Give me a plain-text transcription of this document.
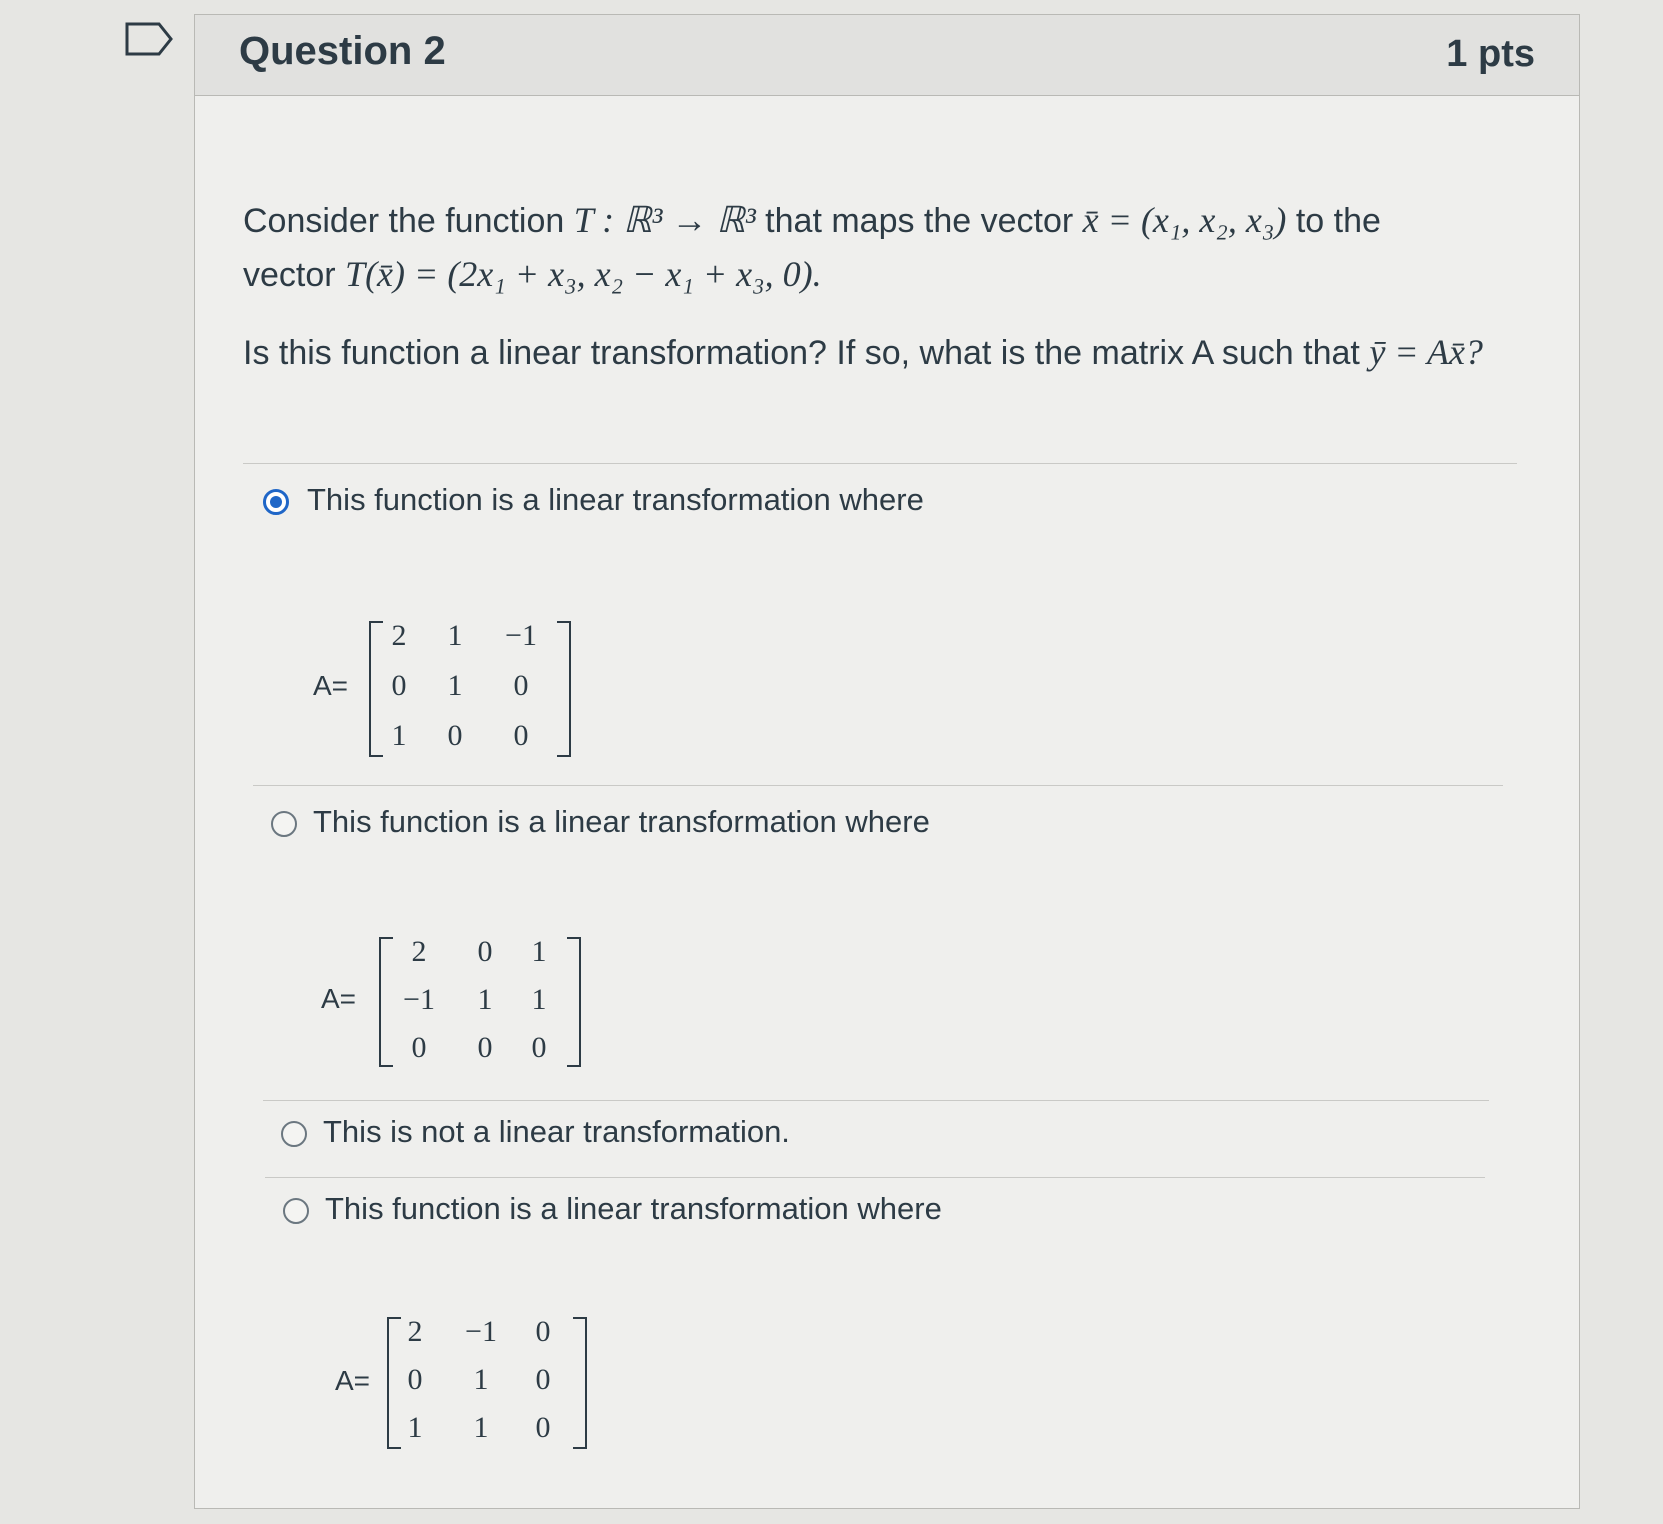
Question 2	1 pts
Consider the function T : ℝ³ → ℝ³ that maps the vector x̄ = (x₁, x₂, x₃) to the
vector T(x̄) = (2x₁ + x₃, x₂ − x₁ + x₃, 0).
Is this function a linear transformation? If so, what is the matrix A such that ȳ = Ax̄?
This function is a linear transformation where
A=
2	1	−1
0	1	0
1	0	0
This function is a linear transformation where
A=
2	0	1
−1	1	1
0	0	0
This is not a linear transformation.
This function is a linear transformation where
A=
2	−1	0
0	1	0
1	1	0
